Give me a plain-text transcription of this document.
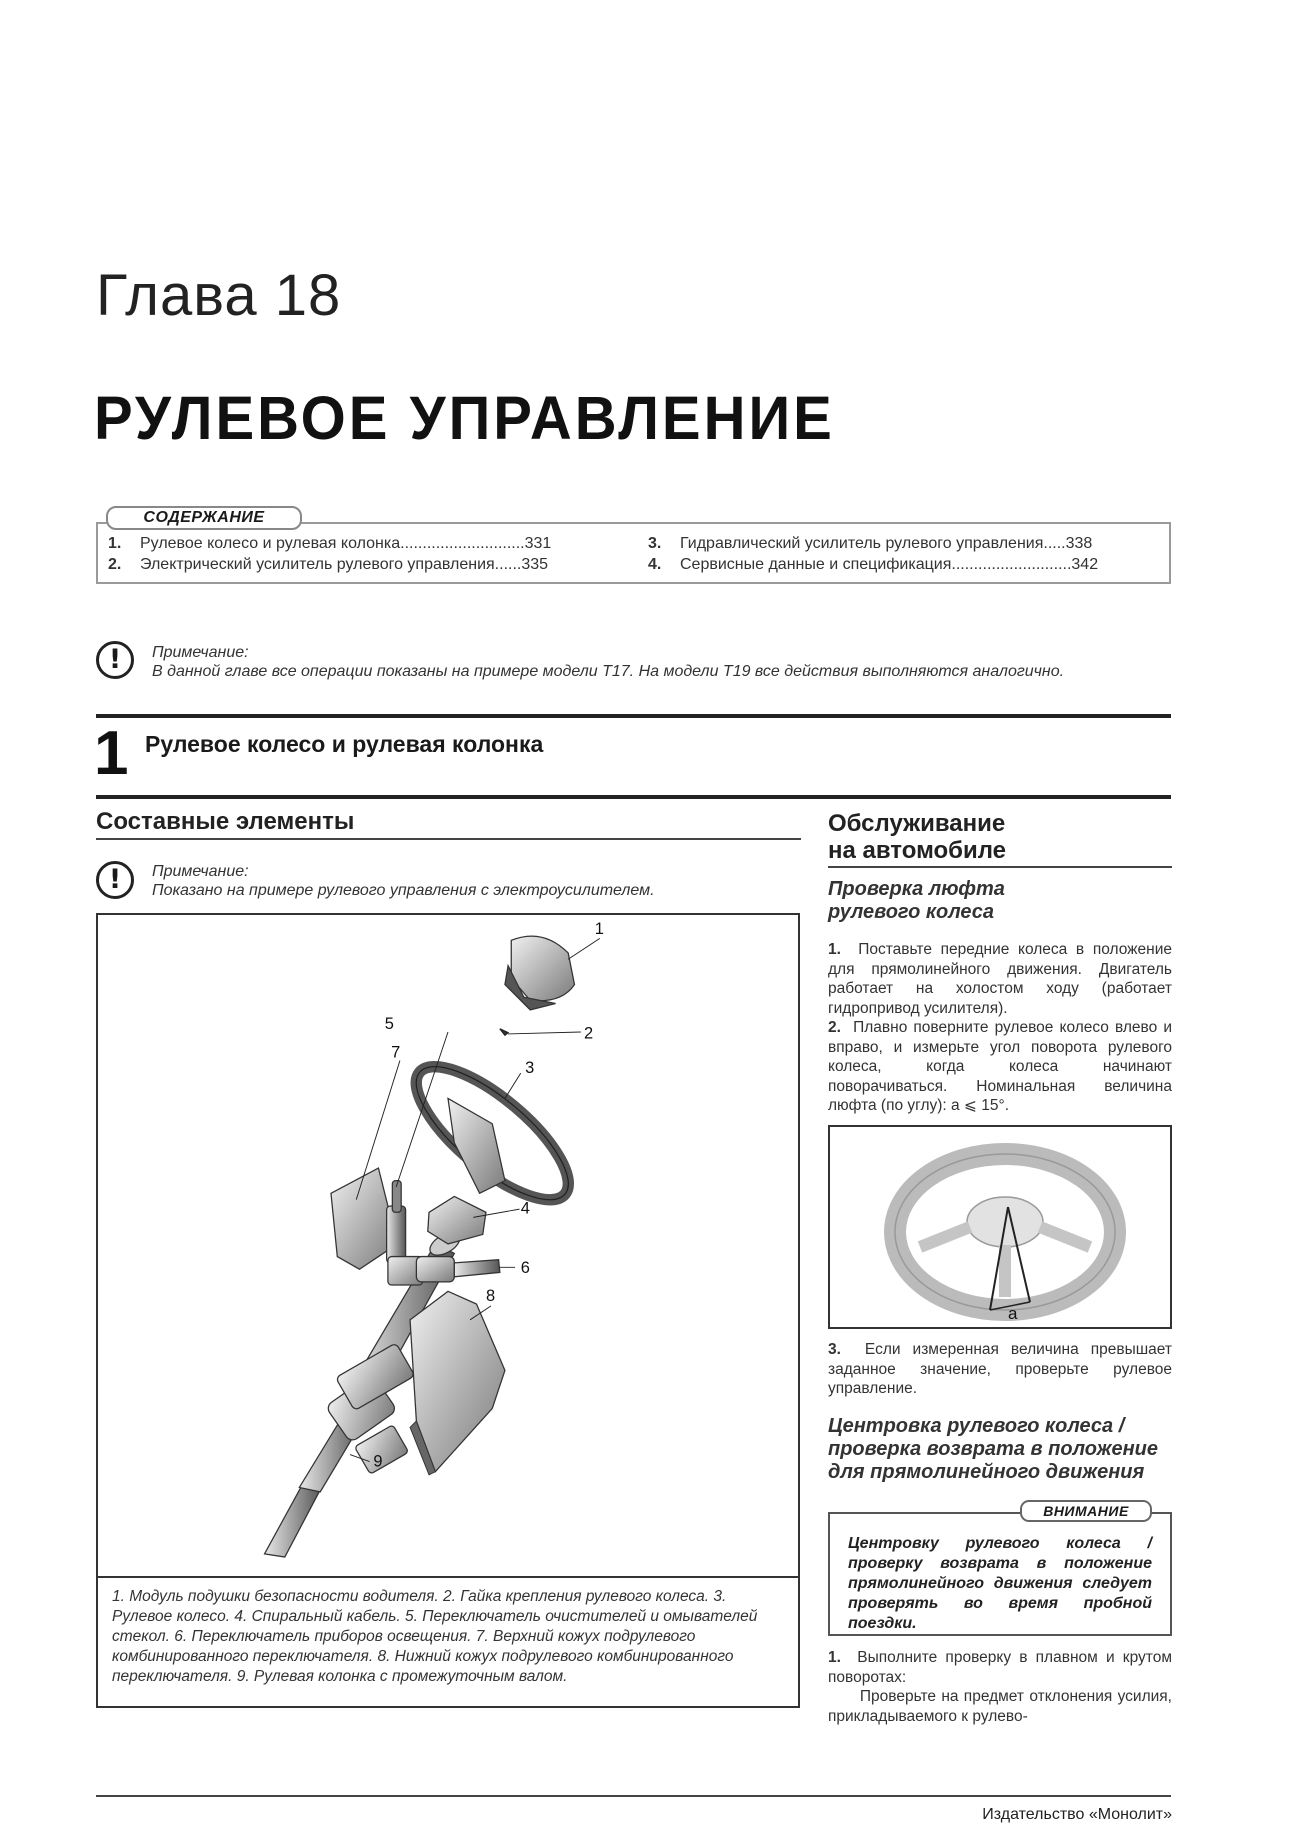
Глава 18
РУЛЕВОЕ УПРАВЛЕНИЕ
СОДЕРЖАНИЕ
1. Рулевое колесо и рулевая колонка............................331
2. Электрический усилитель рулевого управления......335
3. Гидравлический усилитель рулевого управления.....338
4. Сервисные данные и спецификация...........................342
!	Примечание:
В данной главе все операции показаны на примере модели T17. На модели T19 все действия выполняются аналогично.
1 Рулевое колесо и рулевая колонка
Составные элементы
!	Примечание:
Показано на примере рулевого управления с электроусилителем.
1
2
3
4
5
6
7
8
9
Обслуживание
на автомобиле
Проверка люфта
рулевого колеса
1. Поставьте передние колеса в положение для прямолинейного движения. Двигатель работает на холостом ходу (работает гидропривод усилителя).
2. Плавно поверните рулевое колесо влево и вправо, и измерьте угол поворота рулевого колеса, когда колеса начинают поворачиваться. Номинальная величина люфта (по углу): a ⩽ 15°.
a
3. Если измеренная величина превышает заданное значение, проверьте рулевое управление.
Центровка рулевого колеса /
проверка возврата в положение
для прямолинейного движения
Центровку рулевого колеса / проверку возврата в положение прямолинейного движения следует проверять во время пробной поездки.
ВНИМАНИЕ
1. Выполните проверку в плавном и крутом поворотах:
Проверьте на предмет отклонения усилия, прикладываемого к рулево-
1. Модуль подушки безопасности водителя. 2. Гайка крепления рулевого колеса. 3. Рулевое колесо. 4. Спиральный кабель. 5. Переключатель очистителей и омывателей стекол. 6. Переключатель приборов освещения. 7. Верхний кожух подрулевого комбинированного переключателя. 8. Нижний кожух подрулевого комбинированного переключателя. 9. Рулевая колонка с промежуточным валом.
Издательство «Монолит»
